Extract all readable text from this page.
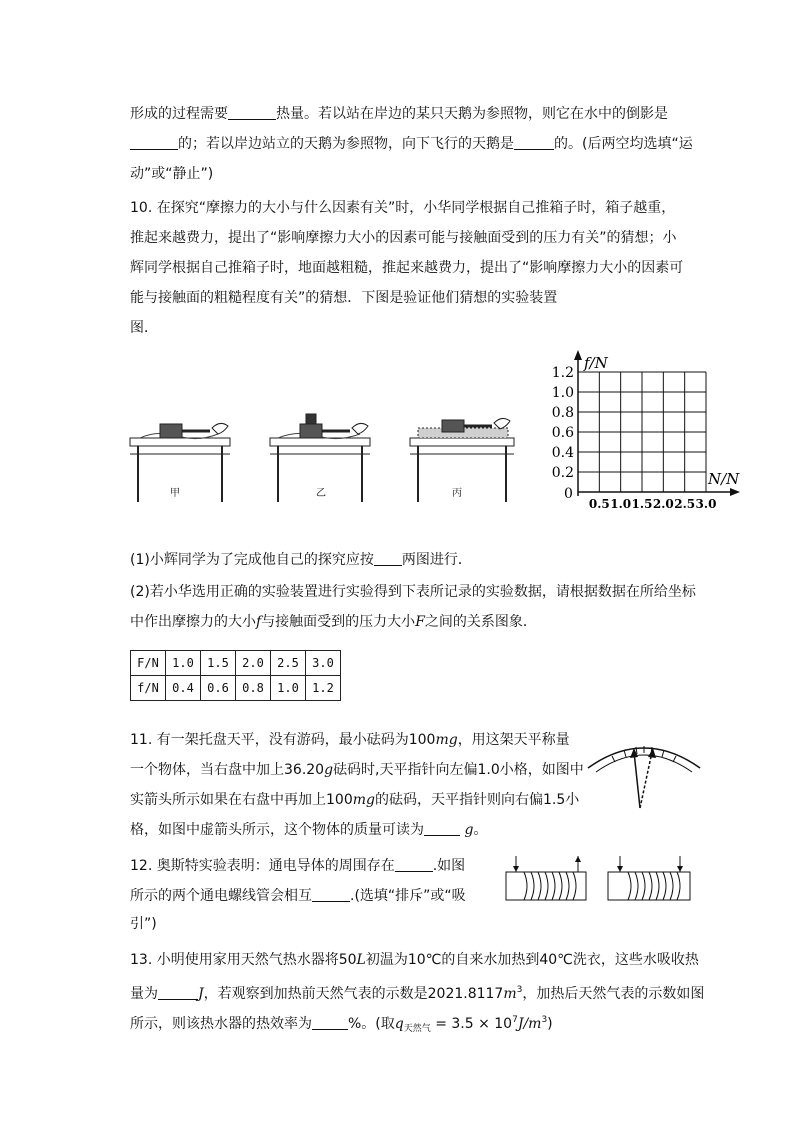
形成的过程需要	热量。若以站在岸边的某只天鹅为参照物，则它在水中的倒影是
的；若以岸边站立的天鹅为参照物，向下飞行的天鹅是	的。(后两空均选填“运
动”或“静止”)
10. 在探究“摩擦力的大小与什么因素有关”时，小华同学根据自己推箱子时，箱子越重，
推起来越费力，提出了“影响摩擦力大小的因素可能与接触面受到的压力有关”的猜想；小
辉同学根据自己推箱子时，地面越粗糙，推起来越费力，提出了“影响摩擦力大小的因素可
能与接触面的粗糙程度有关”的猜想．下图是验证他们猜想的实验装置
图．
甲	乙	丙
f/N
N/N
0
0.2
0.4
0.6
0.8
1.0
1.2
0.5 1.0 1.5 2.0 2.5 3.0
(1)小辉同学为了完成他自己的探究应按 两图进行．
(2)若小华选用正确的实验装置进行实验得到下表所记录的实验数据，请根据数据在所给坐标
中作出摩擦力的大小f与接触面受到的压力大小F之间的关系图象．
F/N	1.0	1.5	2.0	2.5	3.0
f/N	0.4	0.6	0.8	1.0	1.2
11. 有一架托盘天平，没有游码，最小砝码为100mg，用这架天平称量
一个物体，当右盘中加上36.20g砝码时,天平指针向左偏1.0小格，如图中
实箭头所示如果在右盘中再加上100mg的砝码，天平指针则向右偏1.5小
格，如图中虚箭头所示，这个物体的质量可读为	g。
12. 奥斯特实验表明：通电导体的周围存在	.如图
所示的两个通电螺线管会相互	.(选填“排斥”或“吸
引”)
13. 小明使用家用天然气热水器将50L初温为10℃的自来水加热到40℃洗衣，这些水吸收热
量为	J，若观察到加热前天然气表的示数是$2021.8117m^3$，加热后天然气表的示数如图
所示，则该热水器的热效率为	%。(取$q_{天然气} = 3.5 \times 10^7J/m^3$)
